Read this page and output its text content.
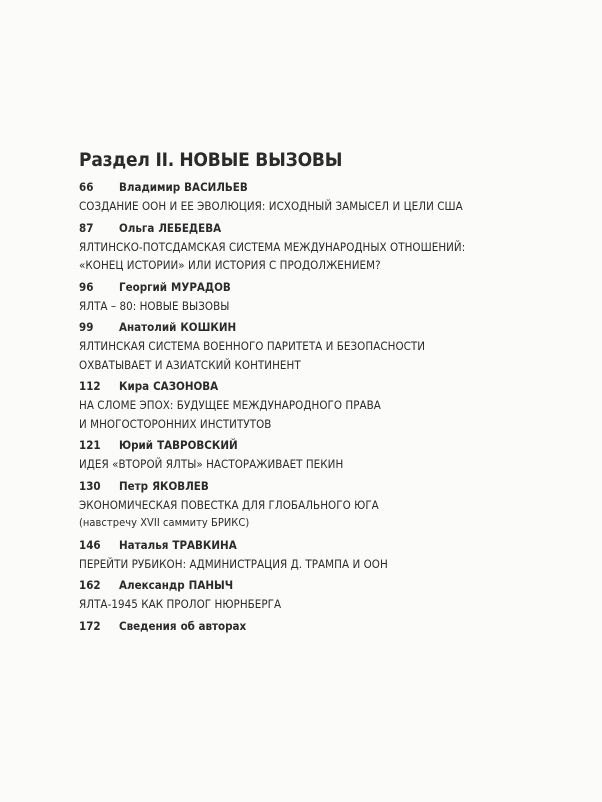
Раздел II. НОВЫЕ ВЫЗОВЫ
66	Владимир ВАСИЛЬЕВ
СОЗДАНИЕ ООН И ЕЕ ЭВОЛЮЦИЯ: ИСХОДНЫЙ ЗАМЫСЕЛ И ЦЕЛИ США
87	Ольга ЛЕБЕДЕВА
ЯЛТИНСКО-ПОТСДАМСКАЯ СИСТЕМА МЕЖДУНАРОДНЫХ ОТНОШЕНИЙ:
«КОНЕЦ ИСТОРИИ» ИЛИ ИСТОРИЯ С ПРОДОЛЖЕНИЕМ?
96	Георгий МУРАДОВ
ЯЛТА – 80: НОВЫЕ ВЫЗОВЫ
99	Анатолий КОШКИН
ЯЛТИНСКАЯ СИСТЕМА ВОЕННОГО ПАРИТЕТА И БЕЗОПАСНОСТИ
ОХВАТЫВАЕТ И АЗИАТСКИЙ КОНТИНЕНТ
112	Кира САЗОНОВА
НА СЛОМЕ ЭПОХ: БУДУЩЕЕ МЕЖДУНАРОДНОГО ПРАВА
И МНОГОСТОРОННИХ ИНСТИТУТОВ
121	Юрий ТАВРОВСКИЙ
ИДЕЯ «ВТОРОЙ ЯЛТЫ» НАСТОРАЖИВАЕТ ПЕКИН
130	Петр ЯКОВЛЕВ
ЭКОНОМИЧЕСКАЯ ПОВЕСТКА ДЛЯ ГЛОБАЛЬНОГО ЮГА
(навстречу XVII саммиту БРИКС)
146	Наталья ТРАВКИНА
ПЕРЕЙТИ РУБИКОН: АДМИНИСТРАЦИЯ Д. ТРАМПА И ООН
162	Александр ПАНЫЧ
ЯЛТА-1945 КАК ПРОЛОГ НЮРНБЕРГА
172	Сведения об авторах
